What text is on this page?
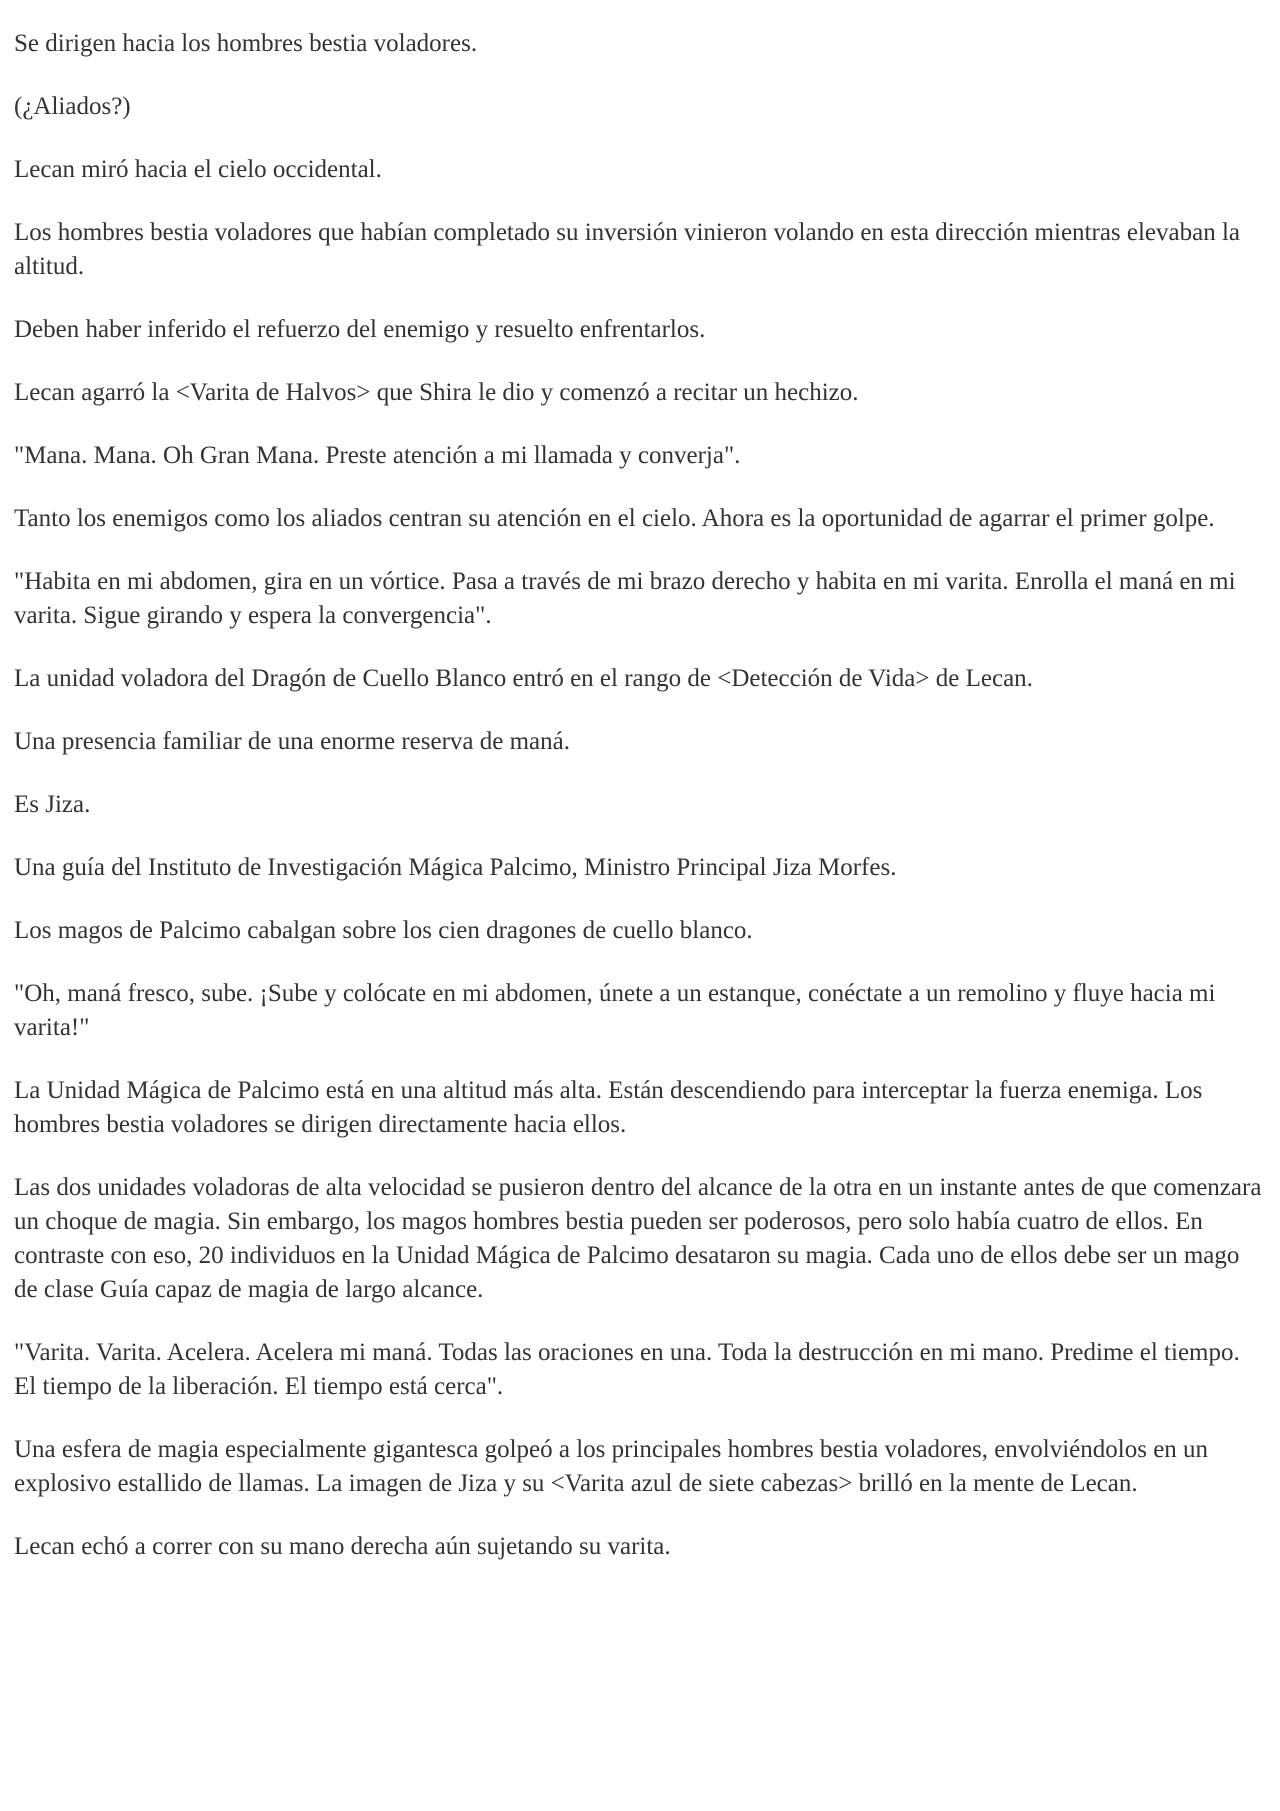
Se dirigen hacia los hombres bestia voladores.

(¿Aliados?)

Lecan miró hacia el cielo occidental.

Los hombres bestia voladores que habían completado su inversión vinieron volando en esta dirección mientras elevaban la altitud.

Deben haber inferido el refuerzo del enemigo y resuelto enfrentarlos.

Lecan agarró la <Varita de Halvos> que Shira le dio y comenzó a recitar un hechizo.

"Mana. Mana. Oh Gran Mana. Preste atención a mi llamada y converja".

Tanto los enemigos como los aliados centran su atención en el cielo. Ahora es la oportunidad de agarrar el primer golpe.

"Habita en mi abdomen, gira en un vórtice. Pasa a través de mi brazo derecho y habita en mi varita. Enrolla el maná en mi varita. Sigue girando y espera la convergencia".

La unidad voladora del Dragón de Cuello Blanco entró en el rango de <Detección de Vida> de Lecan.

Una presencia familiar de una enorme reserva de maná.

Es Jiza.

Una guía del Instituto de Investigación Mágica Palcimo, Ministro Principal Jiza Morfes.

Los magos de Palcimo cabalgan sobre los cien dragones de cuello blanco.

"Oh, maná fresco, sube. ¡Sube y colócate en mi abdomen, únete a un estanque, conéctate a un remolino y fluye hacia mi varita!"

La Unidad Mágica de Palcimo está en una altitud más alta. Están descendiendo para interceptar la fuerza enemiga. Los hombres bestia voladores se dirigen directamente hacia ellos.

Las dos unidades voladoras de alta velocidad se pusieron dentro del alcance de la otra en un instante antes de que comenzara un choque de magia. Sin embargo, los magos hombres bestia pueden ser poderosos, pero solo había cuatro de ellos. En contraste con eso, 20 individuos en la Unidad Mágica de Palcimo desataron su magia. Cada uno de ellos debe ser un mago de clase Guía capaz de magia de largo alcance.

"Varita. Varita. Acelera. Acelera mi maná. Todas las oraciones en una. Toda la destrucción en mi mano. Predime el tiempo. El tiempo de la liberación. El tiempo está cerca".

Una esfera de magia especialmente gigantesca golpeó a los principales hombres bestia voladores, envolviéndolos en un explosivo estallido de llamas. La imagen de Jiza y su <Varita azul de siete cabezas> brilló en la mente de Lecan.

Lecan echó a correr con su mano derecha aún sujetando su varita.
